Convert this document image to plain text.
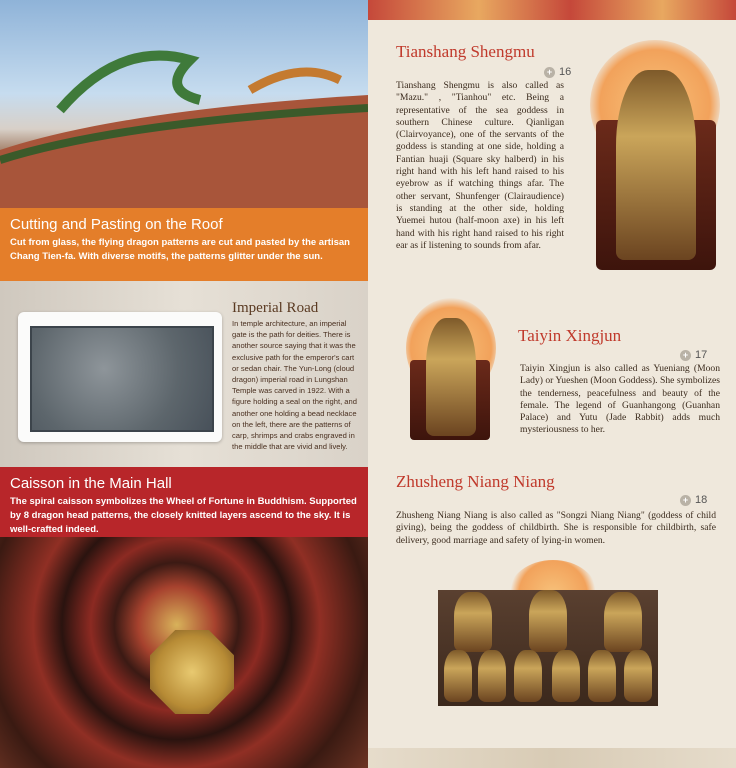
Cutting and Pasting on the Roof

Cut from glass, the flying dragon patterns are cut and pasted by the artisan Chang Tien-fa. With diverse motifs, the patterns glitter under the sun.

Imperial Road

In temple architecture, an imperial gate is the path for deities. There is another source saying that it was the exclusive path for the emperor's cart or sedan chair. The Yun-Long (cloud dragon) imperial road in Lungshan Temple was carved in 1922. With a figure holding a seal on the right, and another one holding a bead necklace on the left, there are the patterns of carp, shrimps and crabs engraved in the middle that are vivid and lively.

Caisson in the Main Hall

The spiral caisson symbolizes the Wheel of Fortune in Buddhism. Supported by 8 dragon head patterns, the closely knitted layers ascend to the sky. It is well-crafted indeed.

Tianshang Shengmu
+ 16

Tianshang Shengmu is also called as "Mazu." , "Tianhou" etc. Being a representative of the sea goddess in southern Chinese culture. Qianligan (Clairvoyance), one of the servants of the goddess is standing at one side, holding a Fantian huaji (Square sky halberd) in his right hand with his left hand raised to his eyebrow as if watching things afar. The other servant, Shunfenger (Clairaudience) is standing at the other side, holding Yuemei hutou (half-moon axe) in his left hand with his right hand raised to his right ear as if listening to sounds from afar.

Taiyin Xingjun
+ 17

Taiyin Xingjun is also called as Yueniang (Moon Lady) or Yueshen (Moon Goddess). She symbolizes the tenderness, peacefulness and beauty of the female. The legend of Guanhangong (Guanhan Palace) and Yutu (Jade Rabbit) adds much mysteriousness to her.

Zhusheng Niang Niang
+ 18

Zhusheng Niang Niang is also called as "Songzi Niang Niang" (goddess of child giving), being the goddess of childbirth. She is responsible for childbirth, safe delivery, good marriage and safety of lying-in women.
